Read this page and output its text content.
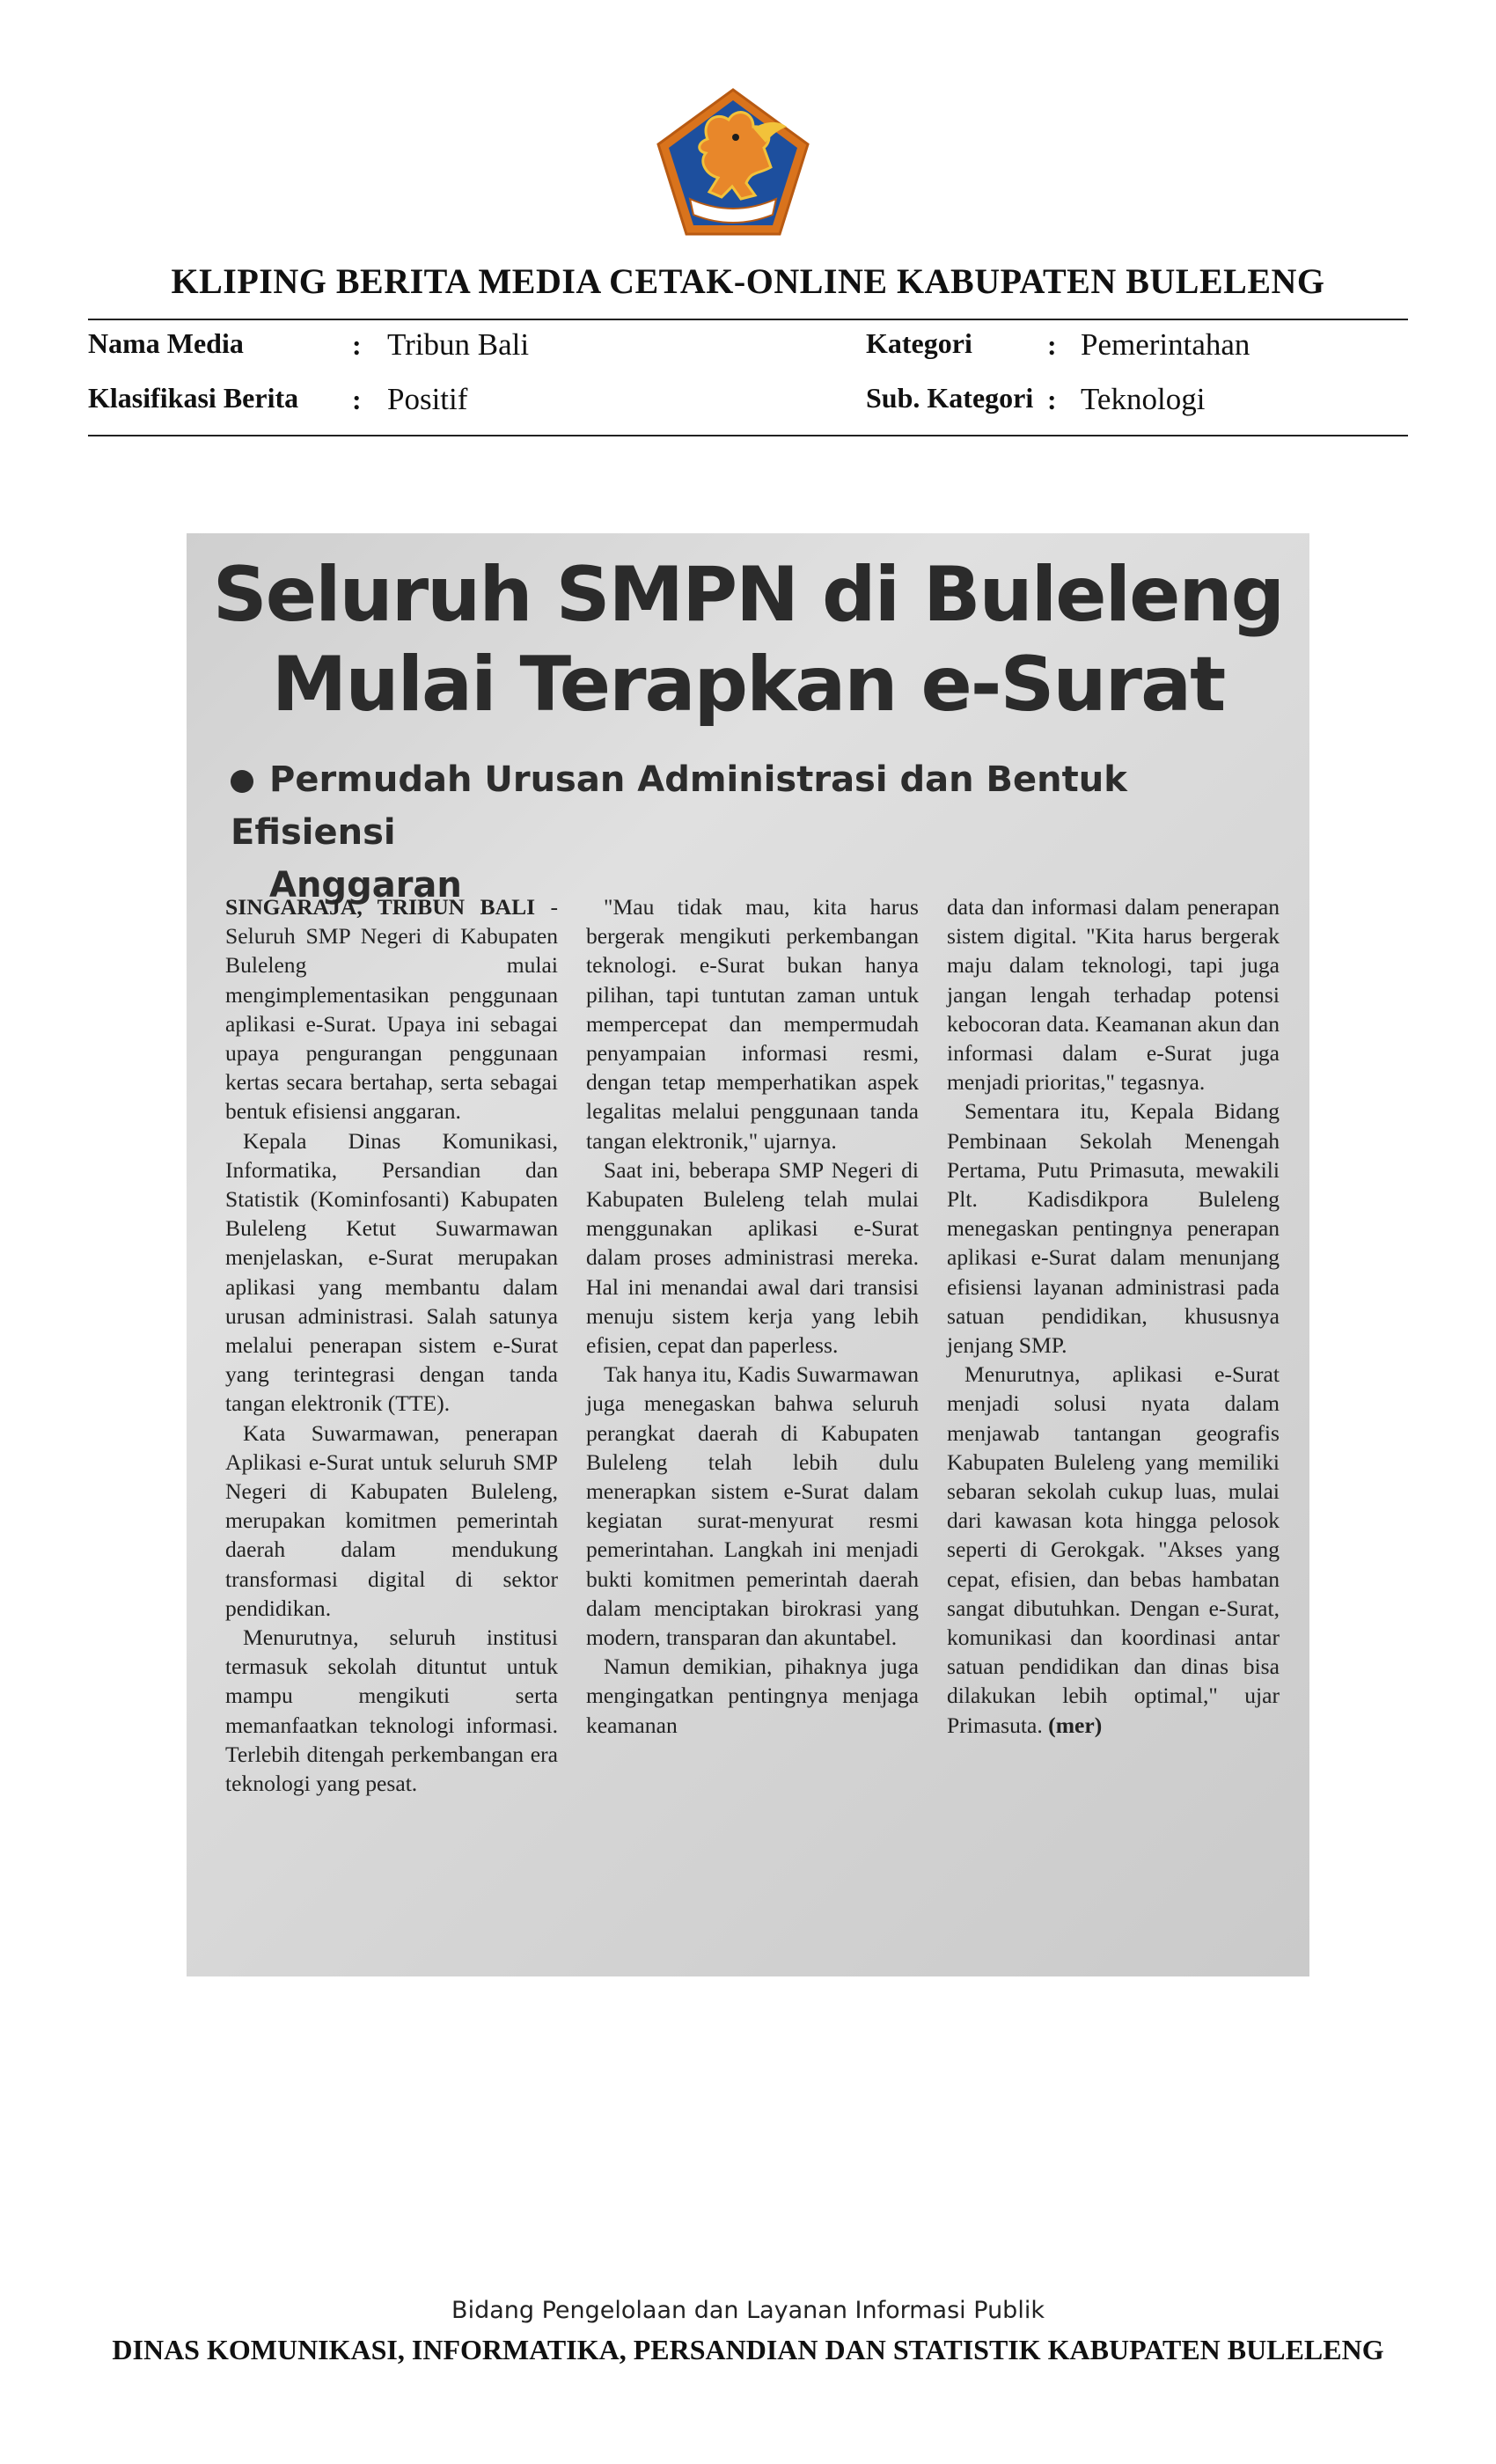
KLIPING BERITA MEDIA CETAK-ONLINE KABUPATEN BULELENG
Nama Media	: Tribun Bali
Klasifikasi Berita : Positif
Kategori	: Pemerintahan
Sub. Kategori : Teknologi
Seluruh SMPN di Buleleng
Mulai Terapkan e-Surat
Permudah Urusan Administrasi dan Bentuk Efisiensi
Anggaran

SINGARAJA, TRIBUN BALI - Seluruh SMP Negeri di Kabupaten Buleleng mulai mengimplementasikan penggunaan aplikasi e-Surat. Upaya ini sebagai upaya pengurangan penggunaan kertas secara bertahap, serta sebagai bentuk efisiensi anggaran.

Kepala Dinas Komunikasi, Informatika, Persandian dan Statistik (Kominfosanti) Kabupaten Buleleng Ketut Suwarmawan menjelaskan, e-Surat merupakan aplikasi yang membantu dalam urusan administrasi. Salah satunya melalui penerapan sistem e-Surat yang terintegrasi dengan tanda tangan elektronik (TTE).

Kata Suwarmawan, penerapan Aplikasi e-Surat untuk seluruh SMP Negeri di Kabupaten Buleleng, merupakan komitmen pemerintah daerah dalam mendukung transformasi digital di sektor pendidikan.

Menurutnya, seluruh institusi termasuk sekolah dituntut untuk mampu mengikuti serta memanfaatkan teknologi informasi. Terlebih ditengah perkembangan era teknologi yang pesat.

"Mau tidak mau, kita harus bergerak mengikuti perkembangan teknologi. e-Surat bukan hanya pilihan, tapi tuntutan zaman untuk mempercepat dan mempermudah penyampaian informasi resmi, dengan tetap memperhatikan aspek legalitas melalui penggunaan tanda tangan elektronik," ujarnya.

Saat ini, beberapa SMP Negeri di Kabupaten Buleleng telah mulai menggunakan aplikasi e-Surat dalam proses administrasi mereka. Hal ini menandai awal dari transisi menuju sistem kerja yang lebih efisien, cepat dan paperless.

Tak hanya itu, Kadis Suwarmawan juga menegaskan bahwa seluruh perangkat daerah di Kabupaten Buleleng telah lebih dulu menerapkan sistem e-Surat dalam kegiatan surat-menyurat resmi pemerintahan. Langkah ini menjadi bukti komitmen pemerintah daerah dalam menciptakan birokrasi yang modern, transparan dan akuntabel.

Namun demikian, pihaknya juga mengingatkan pentingnya menjaga keamanan

data dan informasi dalam penerapan sistem digital. "Kita harus bergerak maju dalam teknologi, tapi juga jangan lengah terhadap potensi kebocoran data. Keamanan akun dan informasi dalam e-Surat juga menjadi prioritas," tegasnya.

Sementara itu, Kepala Bidang Pembinaan Sekolah Menengah Pertama, Putu Primasuta, mewakili Plt. Kadisdikpora Buleleng menegaskan pentingnya penerapan aplikasi e-Surat dalam menunjang efisiensi layanan administrasi pada satuan pendidikan, khususnya jenjang SMP.

Menurutnya, aplikasi e-Surat menjadi solusi nyata dalam menjawab tantangan geografis Kabupaten Buleleng yang memiliki sebaran sekolah cukup luas, mulai dari kawasan kota hingga pelosok seperti di Gerokgak. "Akses yang cepat, efisien, dan bebas hambatan sangat dibutuhkan. Dengan e-Surat, komunikasi dan koordinasi antar satuan pendidikan dan dinas bisa dilakukan lebih optimal," ujar Primasuta. (mer)

Bidang Pengelolaan dan Layanan Informasi Publik
DINAS KOMUNIKASI, INFORMATIKA, PERSANDIAN DAN STATISTIK KABUPATEN BULELENG
